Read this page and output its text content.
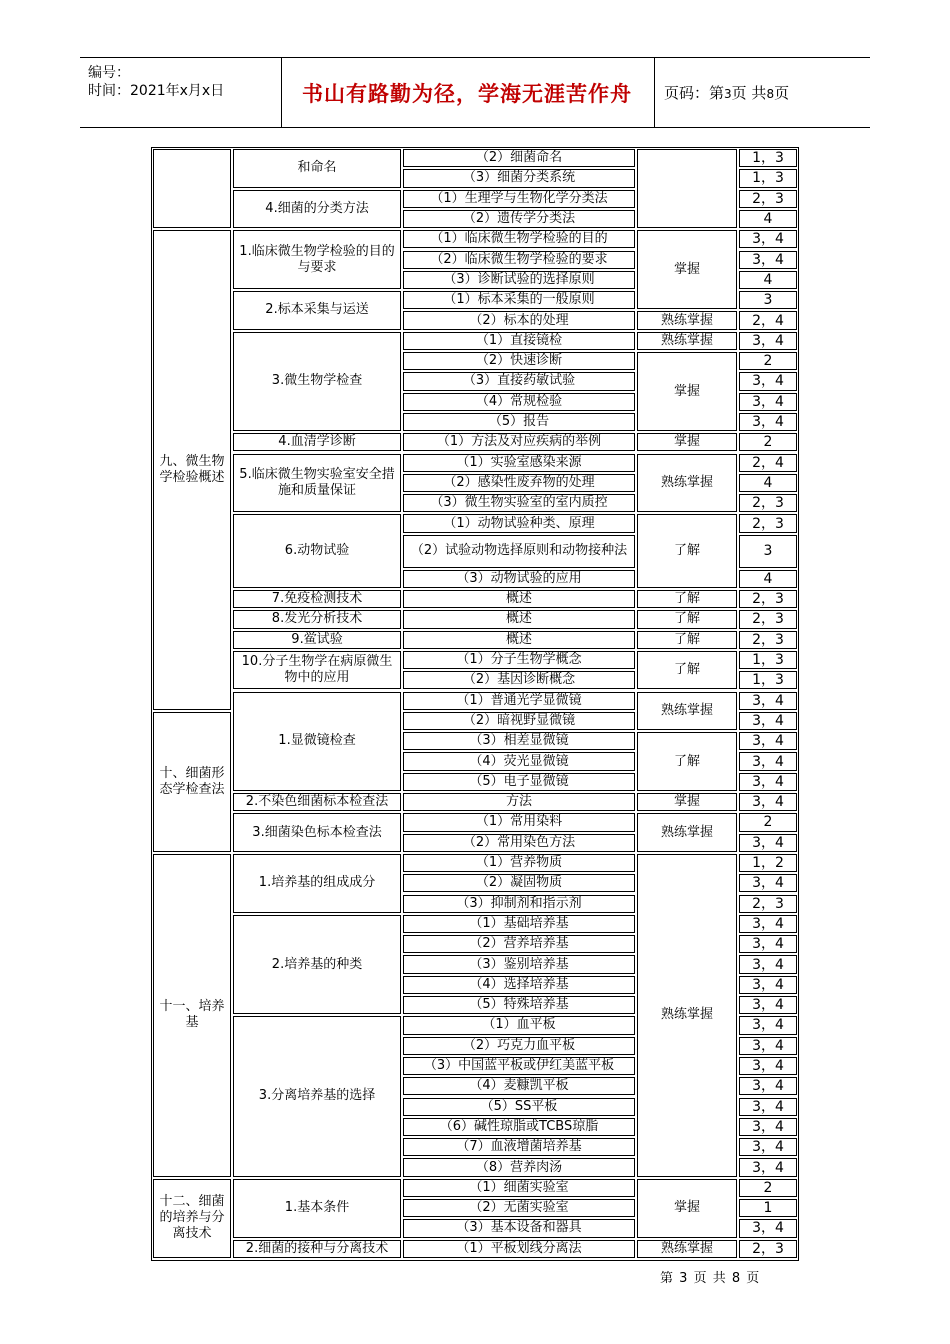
编号：
时间：2021年x月x日	书山有路勤为径，学海无涯苦作舟	页码：第3页 共8页
九、微生物学检验概述
十、细菌形态学检查法
十一、培养基
十二、细菌的培养与分离技术
和命名
4.细菌的分类方法
1.临床微生物学检验的目的与要求
2.标本采集与运送
3.微生物学检查
4.血清学诊断
5.临床微生物实验室安全措施和质量保证
6.动物试验
7.免疫检测技术
8.发光分析技术
9.鲎试验
10.分子生物学在病原微生物中的应用
1.显微镜检查
2.不染色细菌标本检查法
3.细菌染色标本检查法
1.培养基的组成成分
2.培养基的种类
3.分离培养基的选择
1.基本条件
2.细菌的接种与分离技术
（2）细菌命名
（3）细菌分类系统
（1）生理学与生物化学分类法
（2）遗传学分类法
（1）临床微生物学检验的目的
（2）临床微生物学检验的要求
（3）诊断试验的选择原则
（1）标本采集的一般原则
（2）标本的处理
（1）直接镜检
（2）快速诊断
（3）直接药敏试验
（4）常规检验
（5）报告
（1）方法及对应疾病的举例
（1）实验室感染来源
（2）感染性废弃物的处理
（3）微生物实验室的室内质控
（1）动物试验种类、原理
（2）试验动物选择原则和动物接种法
（3）动物试验的应用
概述
概述
概述
（1）分子生物学概念
（2）基因诊断概念
（1）普通光学显微镜
（2）暗视野显微镜
（3）相差显微镜
（4）荧光显微镜
（5）电子显微镜
方法
（1）常用染料
（2）常用染色方法
（1）营养物质
（2）凝固物质
（3）抑制剂和指示剂
（1）基础培养基
（2）营养培养基
（3）鉴别培养基
（4）选择培养基
（5）特殊培养基
（1）血平板
（2）巧克力血平板
（3）中国蓝平板或伊红美蓝平板
（4）麦糠凯平板
（5）SS平板
（6）碱性琼脂或TCBS琼脂
（7）血液增菌培养基
（8）营养肉汤
（1）细菌实验室
（2）无菌实验室
（3）基本设备和器具
（1）平板划线分离法
掌握
熟练掌握
熟练掌握
掌握
掌握
熟练掌握
了解
了解
了解
了解
了解
熟练掌握
了解
掌握
熟练掌握
熟练掌握
掌握
熟练掌握
1，3
1，3
2，3
4
3，4
3，4
4
3
2，4
3，4
2
3，4
3，4
3，4
2
2，4
4
2，3
2，3
3
4
2，3
2，3
2，3
1，3
1，3
3，4
3，4
3，4
3，4
3，4
3，4
2
3，4
1，2
3，4
2，3
3，4
3，4
3，4
3，4
3，4
3，4
3，4
3，4
3，4
3，4
3，4
3，4
3，4
2
1
3，4
2，3
第 3 页 共 8 页
